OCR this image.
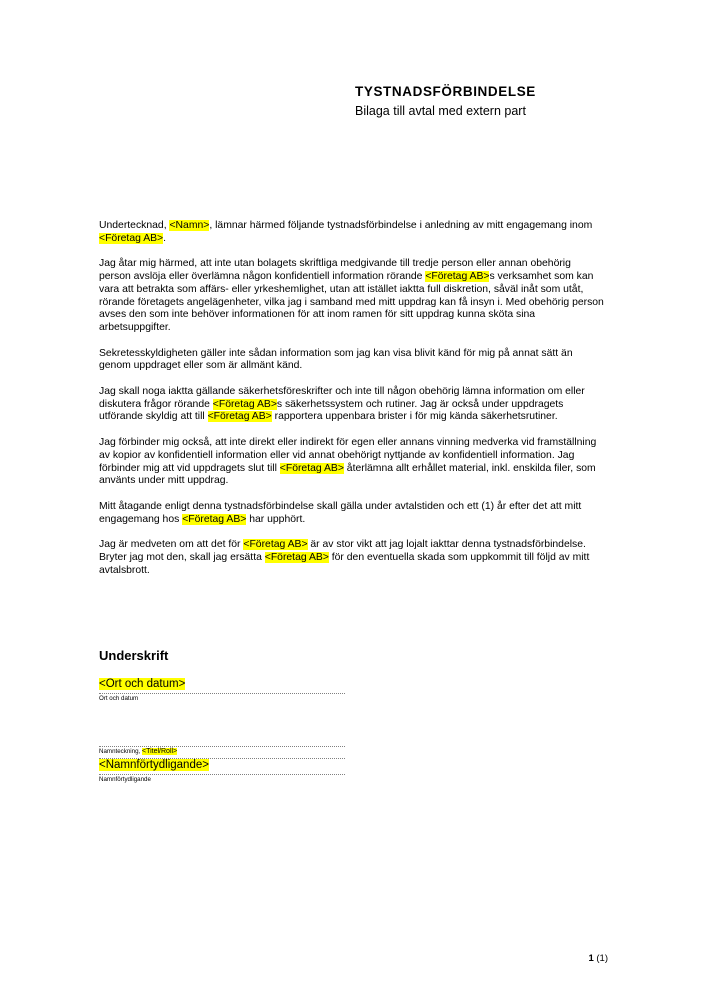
TYSTNADSFÖRBINDELSE

Bilaga till avtal med extern part

Undertecknad, <Namn>, lämnar härmed följande tystnadsförbindelse i anledning av mitt engagemang inom <Företag AB>.

Jag åtar mig härmed, att inte utan bolagets skriftliga medgivande till tredje person eller annan obehörig person avslöja eller överlämna någon konfidentiell information rörande <Företag AB>s verksamhet som kan vara att betrakta som affärs- eller yrkeshemlighet, utan att istället iaktta full diskretion, såväl inåt som utåt, rörande företagets angelägenheter, vilka jag i samband med mitt uppdrag kan få insyn i. Med obehörig person avses den som inte behöver informationen för att inom ramen för sitt uppdrag kunna sköta sina arbetsuppgifter.

Sekretesskyldigheten gäller inte sådan information som jag kan visa blivit känd för mig på annat sätt än genom uppdraget eller som är allmänt känd.

Jag skall noga iaktta gällande säkerhetsföreskrifter och inte till någon obehörig lämna information om eller diskutera frågor rörande <Företag AB>s säkerhetssystem och rutiner. Jag är också under uppdragets utförande skyldig att till <Företag AB> rapportera uppenbara brister i för mig kända säkerhetsrutiner.

Jag förbinder mig också, att inte direkt eller indirekt för egen eller annans vinning medverka vid framställning av kopior av konfidentiell information eller vid annat obehörigt nyttjande av konfidentiell information. Jag förbinder mig att vid uppdragets slut till <Företag AB> återlämna allt erhållet material, inkl. enskilda filer, som använts under mitt uppdrag.

Mitt åtagande enligt denna tystnadsförbindelse skall gälla under avtalstiden och ett (1) år efter det att mitt engagemang hos <Företag AB> har upphört.

Jag är medveten om att det för <Företag AB> är av stor vikt att jag lojalt iakttar denna tystnadsförbindelse. Bryter jag mot den, skall jag ersätta <Företag AB> för den eventuella skada som uppkommit till följd av mitt avtalsbrott.

Underskrift
<Ort och datum>
Ort och datum
Namnteckning, <Titel/Roll>
<Namnförtydligande>
Namnförtydligande
1 (1)
